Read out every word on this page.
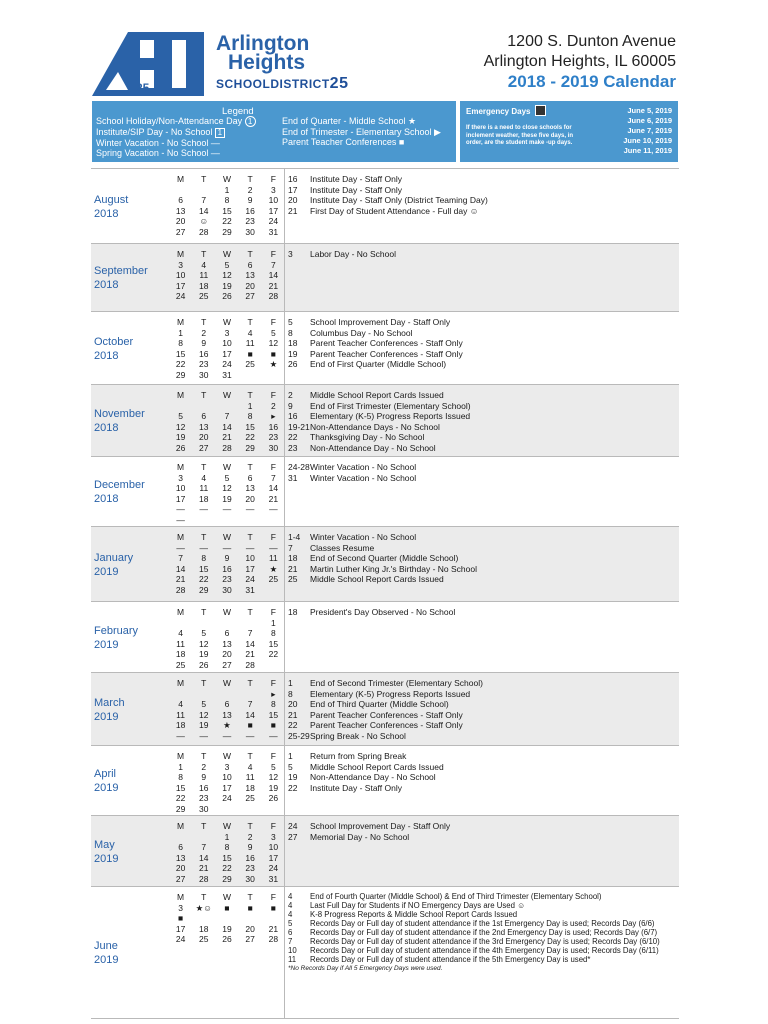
25
Arlington
Heights
SCHOOLDISTRICT25
1200 S. Dunton Avenue
Arlington Heights, IL 60005
2018 - 2019 Calendar
Legend
School Holiday/Non-Attendance Day 1
Institute/SIP Day - No School 1
Winter Vacation - No School —
Spring Vacation - No School —
End of Quarter - Middle School ★
End of Trimester - Elementary School ▶
Parent Teacher Conferences ■
Emergency Days
If there is a need to close schools for inclement weather, these five days, in order, are the student make -up days.
June 5, 2019
June 6, 2019
June 7, 2019
June 10, 2019
June 11, 2019
August
2018
M	T	W	T	F
		1	2	3
6	7	8	9	10
13	14	15	16	17
20	☺	22	23	24
27	28	29	30	31
16 Institute Day - Staff Only
17 Institute Day - Staff Only
20 Institute Day - Staff Only (District Teaming Day)
21 First Day of Student Attendance - Full day ☺
September
2018
M	T	W	T	F
3	4	5	6	7
10	11	12	13	14
17	18	19	20	21
24	25	26	27	28
3 Labor Day - No School
October
2018
M	T	W	T	F
1	2	3	4	5
8	9	10	11	12
15	16	17	■	■
22	23	24	25	★
29	30	31		
5 School Improvement Day - Staff Only
8 Columbus Day - No School
18 Parent Teacher Conferences - Staff Only
19 Parent Teacher Conferences - Staff Only
26 End of First Quarter (Middle School)
November
2018
M	T	W	T	F
			1	2
5	6	7	8	▸
12	13	14	15	16
19	20	21	22	23
26	27	28	29	30
2 Middle School Report Cards Issued
9 End of First Trimester (Elementary School)
16 Elementary (K-5) Progress Reports Issued
19-21Non-Attendance Days - No School
22 Thanksgiving Day - No School
23 Non-Attendance Day - No School
December
2018
M	T	W	T	F
3	4	5	6	7
10	11	12	13	14
17	18	19	20	21
—	—	—	—	—
—				
24-28Winter Vacation - No School
31 Winter Vacation - No School
January
2019
M	T	W	T	F
—	—	—	—	—
7	8	9	10	11
14	15	16	17	★
21	22	23	24	25
28	29	30	31	
1-4 Winter Vacation - No School
7 Classes Resume
18 End of Second Quarter (Middle School)
21 Martin Luther King Jr.'s Birthday - No School
25 Middle School Report Cards Issued
February
2019
M	T	W	T	F
				1
4	5	6	7	8
11	12	13	14	15
18	19	20	21	22
25	26	27	28	
18 President's Day Observed - No School
March
2019
M	T	W	T	F
				▸
4	5	6	7	8
11	12	13	14	15
18	19	★	■	■
—	—	—	—	—
1 End of Second Trimester (Elementary School)
8 Elementary (K-5) Progress Reports Issued
20 End of Third Quarter (Middle School)
21 Parent Teacher Conferences - Staff Only
22 Parent Teacher Conferences - Staff Only
25-29Spring Break - No School
April
2019
M	T	W	T	F
1	2	3	4	5
8	9	10	11	12
15	16	17	18	19
22	23	24	25	26
29	30			
1 Return from Spring Break
5 Middle School Report Cards Issued
19 Non-Attendance Day - No School
22 Institute Day - Staff Only
May
2019
M	T	W	T	F
		1	2	3
6	7	8	9	10
13	14	15	16	17
20	21	22	23	24
27	28	29	30	31
24 School Improvement Day - Staff Only
27 Memorial Day - No School
June
2019
M	T	W	T	F
3	★☺	■	■	■
■				
17	18	19	20	21
24	25	26	27	28
4 End of Fourth Quarter (Middle School) & End of Third Trimester (Elementary School)
4 Last Full Day for Students if NO Emergency Days are Used ☺
4 K-8 Progress Reports & Middle School Report Cards Issued
5 Records Day or Full day of student attendance if the 1st Emergency Day is used; Records Day (6/6)
6 Records Day or Full day of student attendance if the 2nd Emergency Day is used; Records Day (6/7)
7 Records Day or Full day of student attendance if the 3rd Emergency Day is used; Records Day (6/10)
10 Records Day or Full day of student attendance if the 4th Emergency Day is used; Records Day (6/11)
11 Records Day or Full day of student attendance if the 5th Emergency Day is used*
*No Records Day if All 5 Emergency Days were used.
